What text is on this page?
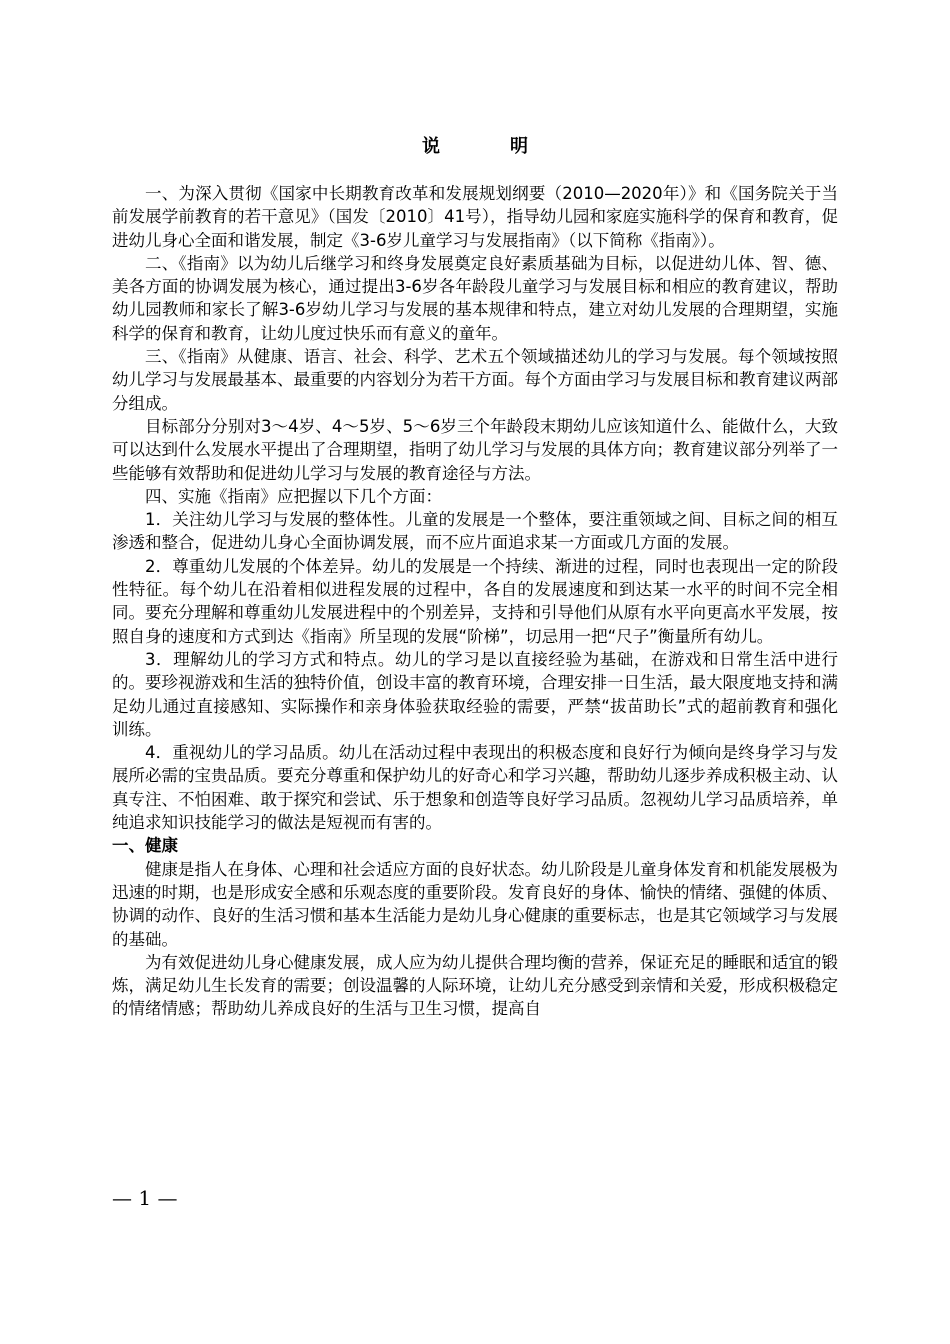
说　明

一、为深入贯彻《国家中长期教育改革和发展规划纲要（2010—2020年）》和《国务院关于当前发展学前教育的若干意见》（国发〔2010〕41号），指导幼儿园和家庭实施科学的保育和教育，促进幼儿身心全面和谐发展，制定《3-6岁儿童学习与发展指南》（以下简称《指南》）。

二、《指南》以为幼儿后继学习和终身发展奠定良好素质基础为目标，以促进幼儿体、智、德、美各方面的协调发展为核心，通过提出3-6岁各年龄段儿童学习与发展目标和相应的教育建议，帮助幼儿园教师和家长了解3-6岁幼儿学习与发展的基本规律和特点，建立对幼儿发展的合理期望，实施科学的保育和教育，让幼儿度过快乐而有意义的童年。

三、《指南》从健康、语言、社会、科学、艺术五个领域描述幼儿的学习与发展。每个领域按照幼儿学习与发展最基本、最重要的内容划分为若干方面。每个方面由学习与发展目标和教育建议两部分组成。

目标部分分别对3～4岁、4～5岁、5～6岁三个年龄段末期幼儿应该知道什么、能做什么，大致可以达到什么发展水平提出了合理期望，指明了幼儿学习与发展的具体方向；教育建议部分列举了一些能够有效帮助和促进幼儿学习与发展的教育途径与方法。

四、实施《指南》应把握以下几个方面：

1．关注幼儿学习与发展的整体性。儿童的发展是一个整体，要注重领域之间、目标之间的相互渗透和整合，促进幼儿身心全面协调发展，而不应片面追求某一方面或几方面的发展。

2．尊重幼儿发展的个体差异。幼儿的发展是一个持续、渐进的过程，同时也表现出一定的阶段性特征。每个幼儿在沿着相似进程发展的过程中，各自的发展速度和到达某一水平的时间不完全相同。要充分理解和尊重幼儿发展进程中的个别差异，支持和引导他们从原有水平向更高水平发展，按照自身的速度和方式到达《指南》所呈现的发展“阶梯”，切忌用一把“尺子”衡量所有幼儿。

3．理解幼儿的学习方式和特点。幼儿的学习是以直接经验为基础，在游戏和日常生活中进行的。要珍视游戏和生活的独特价值，创设丰富的教育环境，合理安排一日生活，最大限度地支持和满足幼儿通过直接感知、实际操作和亲身体验获取经验的需要，严禁“拔苗助长”式的超前教育和强化训练。

4．重视幼儿的学习品质。幼儿在活动过程中表现出的积极态度和良好行为倾向是终身学习与发展所必需的宝贵品质。要充分尊重和保护幼儿的好奇心和学习兴趣，帮助幼儿逐步养成积极主动、认真专注、不怕困难、敢于探究和尝试、乐于想象和创造等良好学习品质。忽视幼儿学习品质培养，单纯追求知识技能学习的做法是短视而有害的。

一、健康

健康是指人在身体、心理和社会适应方面的良好状态。幼儿阶段是儿童身体发育和机能发展极为迅速的时期，也是形成安全感和乐观态度的重要阶段。发育良好的身体、愉快的情绪、强健的体质、协调的动作、良好的生活习惯和基本生活能力是幼儿身心健康的重要标志，也是其它领域学习与发展的基础。

为有效促进幼儿身心健康发展，成人应为幼儿提供合理均衡的营养，保证充足的睡眠和适宜的锻炼，满足幼儿生长发育的需要；创设温馨的人际环境，让幼儿充分感受到亲情和关爱，形成积极稳定的情绪情感；帮助幼儿养成良好的生活与卫生习惯，提高自

— 1 —
